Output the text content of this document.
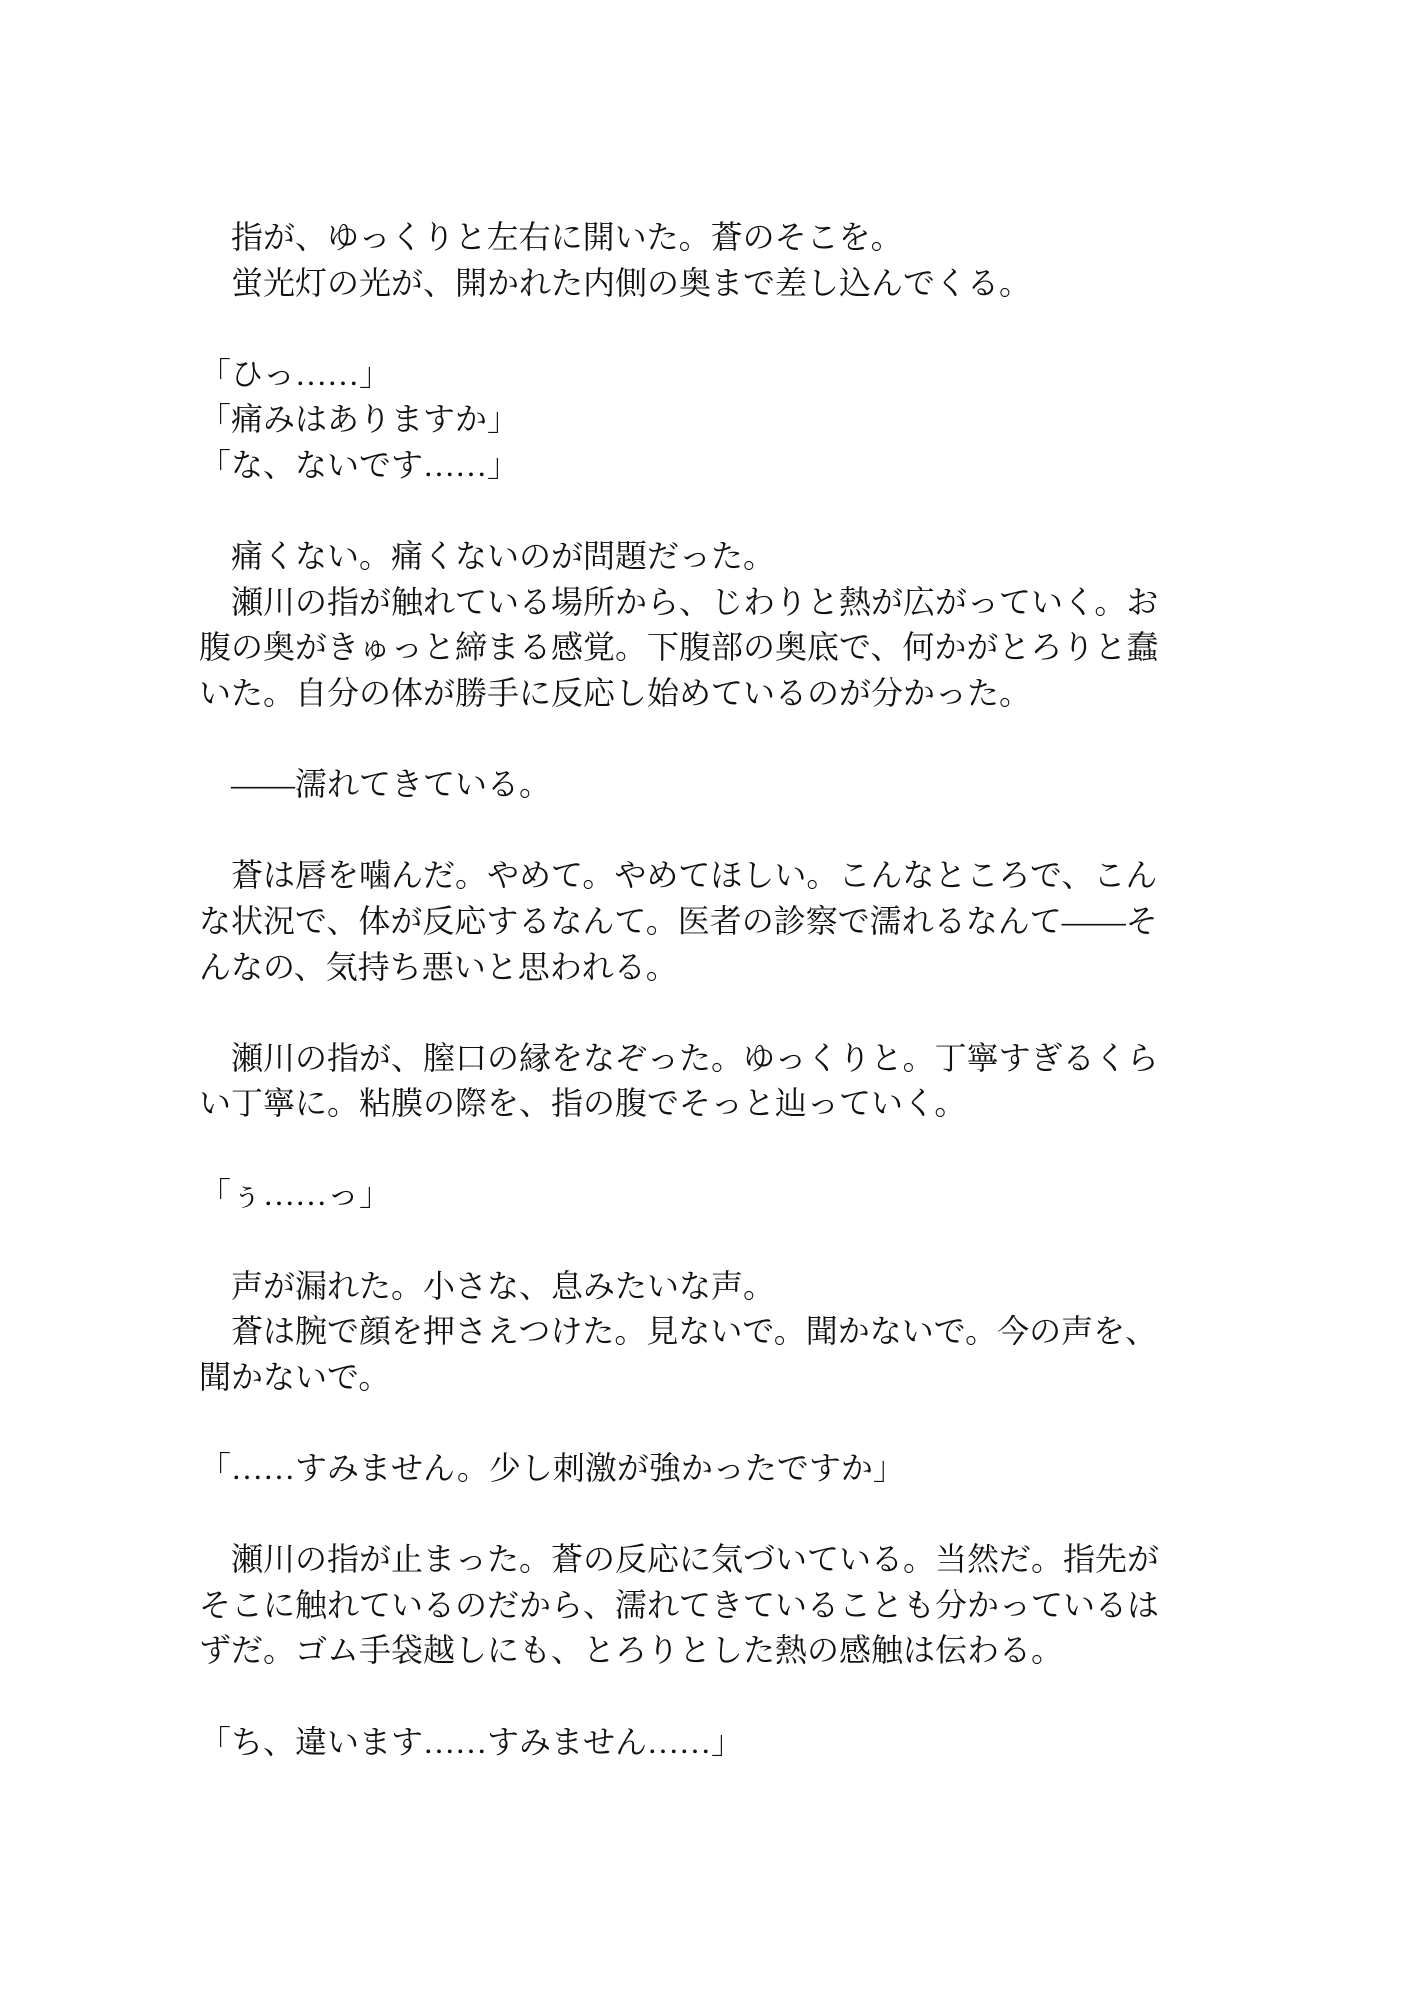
指が、ゆっくりと左右に開いた。蒼のそこを。
蛍光灯の光が、開かれた内側の奥まで差し込んでくる。
「ひっ……」
「痛みはありますか」
「な、ないです……」
痛くない。痛くないのが問題だった。
瀬川の指が触れている場所から、じわりと熱が広がっていく。お
腹の奥がきゅっと締まる感覚。下腹部の奥底で、何かがとろりと蠢
いた。自分の体が勝手に反応し始めているのが分かった。
——濡れてきている。
蒼は唇を噛んだ。やめて。やめてほしい。こんなところで、こん
な状況で、体が反応するなんて。医者の診察で濡れるなんて——そ
んなの、気持ち悪いと思われる。
瀬川の指が、膣口の縁をなぞった。ゆっくりと。丁寧すぎるくら
い丁寧に。粘膜の際を、指の腹でそっと辿っていく。
「ぅ……っ」
声が漏れた。小さな、息みたいな声。
蒼は腕で顔を押さえつけた。見ないで。聞かないで。今の声を、
聞かないで。
「……すみません。少し刺激が強かったですか」
瀬川の指が止まった。蒼の反応に気づいている。当然だ。指先が
そこに触れているのだから、濡れてきていることも分かっているは
ずだ。ゴム手袋越しにも、とろりとした熱の感触は伝わる。
「ち、違います……すみません……」
